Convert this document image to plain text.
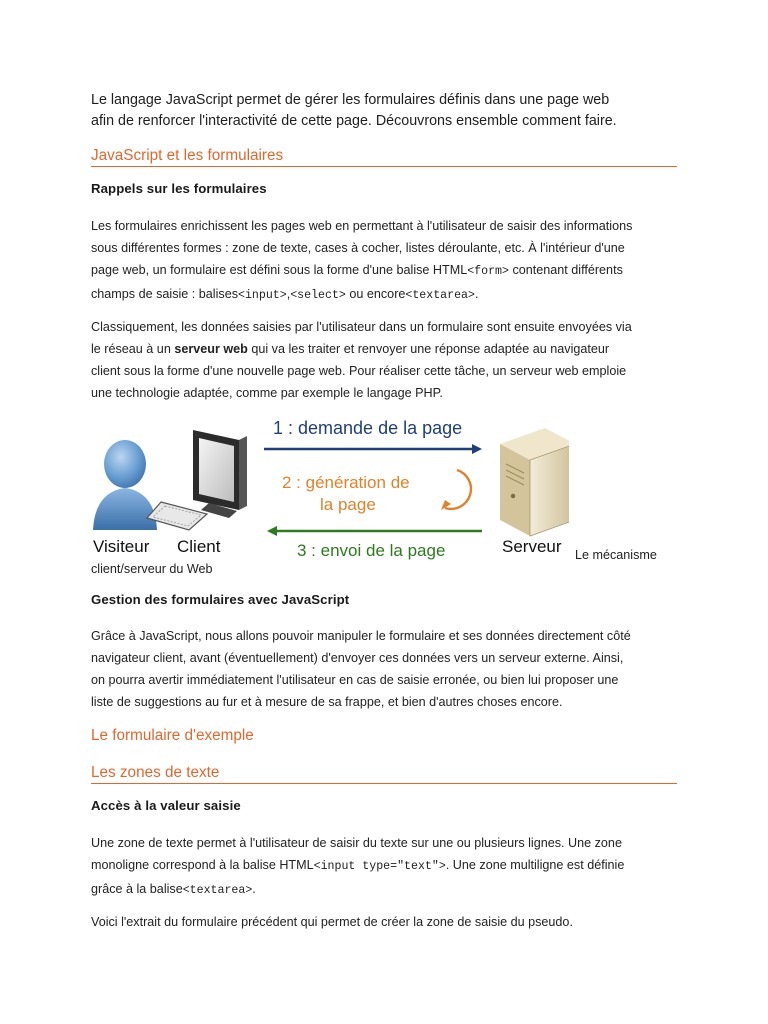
Le langage JavaScript permet de gérer les formulaires définis dans une page web
afin de renforcer l'interactivité de cette page. Découvrons ensemble comment faire.
JavaScript et les formulaires
Rappels sur les formulaires
Les formulaires enrichissent les pages web en permettant à l'utilisateur de saisir des informations
sous différentes formes : zone de texte, cases à cocher, listes déroulante, etc. À l'intérieur d'une
page web, un formulaire est défini sous la forme d'une balise HTML<form> contenant différents
champs de saisie : balises<input>,<select> ou encore<textarea>.
Classiquement, les données saisies par l'utilisateur dans un formulaire sont ensuite envoyées via
le réseau à un serveur web qui va les traiter et renvoyer une réponse adaptée au navigateur
client sous la forme d'une nouvelle page web. Pour réaliser cette tâche, un serveur web emploie
une technologie adaptée, comme par exemple le langage PHP.
1 : demande de la page
2 : génération de
la page
3 : envoi de la page
Visiteur Client	Serveur Le mécanisme
client/serveur du Web
Gestion des formulaires avec JavaScript
Grâce à JavaScript, nous allons pouvoir manipuler le formulaire et ses données directement côté
navigateur client, avant (éventuellement) d'envoyer ces données vers un serveur externe. Ainsi,
on pourra avertir immédiatement l'utilisateur en cas de saisie erronée, ou bien lui proposer une
liste de suggestions au fur et à mesure de sa frappe, et bien d'autres choses encore.
Le formulaire d'exemple
Les zones de texte
Accès à la valeur saisie
Une zone de texte permet à l'utilisateur de saisir du texte sur une ou plusieurs lignes. Une zone
monoligne correspond à la balise HTML<input type="text">. Une zone multiligne est définie
grâce à la balise<textarea>.
Voici l'extrait du formulaire précédent qui permet de créer la zone de saisie du pseudo.
